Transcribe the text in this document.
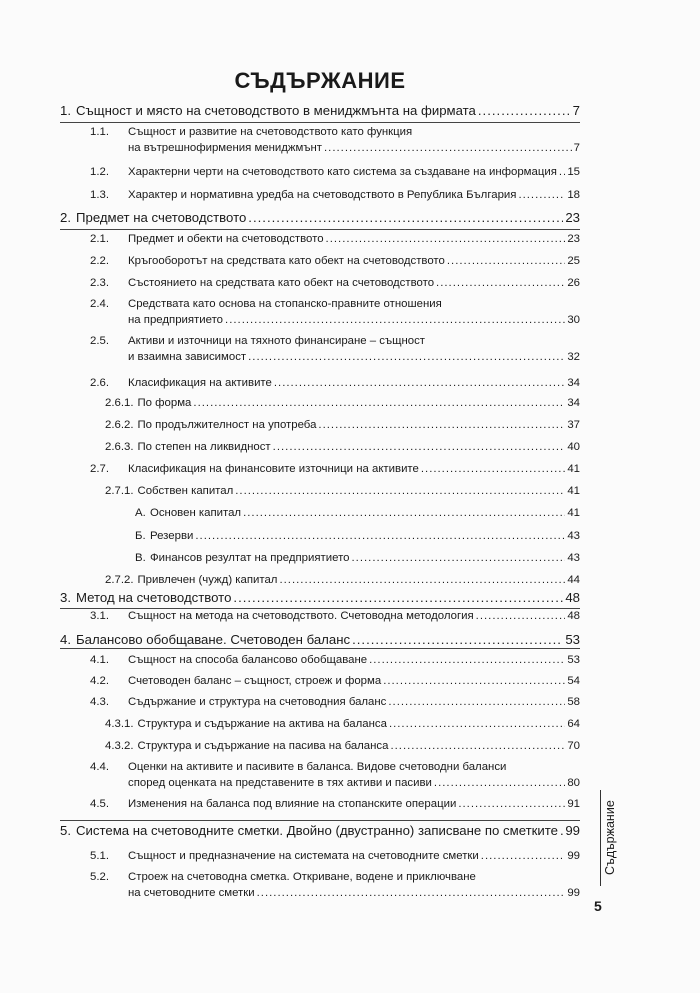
СЪДЪРЖАНИЕ
1. Същност и място на счетоводството в мениджмънта на фирмата .....	7
1.1.	Същност и развитие на счетоводството като функция
на вътрешнофирмения мениджмънт .....	7
1.2.	Характерни черти на счетоводството като система за създаване на информация ..... 15
1.3.	Характер и нормативна уредба на счетоводството в Република България .....	18
2. Предмет на счетоводството .....	23
2.1.	Предмет и обекти на счетоводството .....	23
2.2.	Кръгооборотът на средствата като обект на счетоводството .....	25
2.3.	Състоянието на средствата като обект на счетоводството .....	26
2.4.	Средствата като основа на стопанско-правните отношения
на предприятието .....	30
2.5.	Активи и източници на тяхното финансиране – същност
и взаимна зависимост .....	32
2.6.	Класификация на активите .....	34
2.6.1. По форма .....	34
2.6.2. По продължителност на употреба .....	37
2.6.3. По степен на ликвидност .....	40
2.7.	Класификация на финансовите източници на активите .....	41
2.7.1. Собствен капитал .....	41
А. Основен капитал .....	41
Б. Резерви .....	43
В. Финансов резултат на предприятието .....	43
2.7.2. Привлечен (чужд) капитал .....	44
3. Метод на счетоводството .....	48
3.1.	Същност на метода на счетоводството. Счетоводна методология .....	48
4. Балансово обобщаване. Счетоводен баланс .....	53
4.1.	Същност на способа балансово обобщаване .....	53
4.2.	Счетоводен баланс – същност, строеж и форма .....	54
4.3.	Съдържание и структура на счетоводния баланс .....	58
4.3.1. Структура и съдържание на актива на баланса .....	64
4.3.2. Структура и съдържание на пасива на баланса .....	70
4.4.	Оценки на активите и пасивите в баланса. Видове счетоводни баланси
според оценката на представените в тях активи и пасиви .....	80
4.5.	Изменения на баланса под влияние на стопанските операции .....	91
5. Система на счетоводните сметки. Двойно (двустранно) записване по сметките ..... 99
5.1.	Същност и предназначение на системата на счетоводните сметки .....	99
5.2.	Строеж на счетоводна сметка. Откриване, водене и приключване
на счетоводните сметки .....	99
Съдържание
5
